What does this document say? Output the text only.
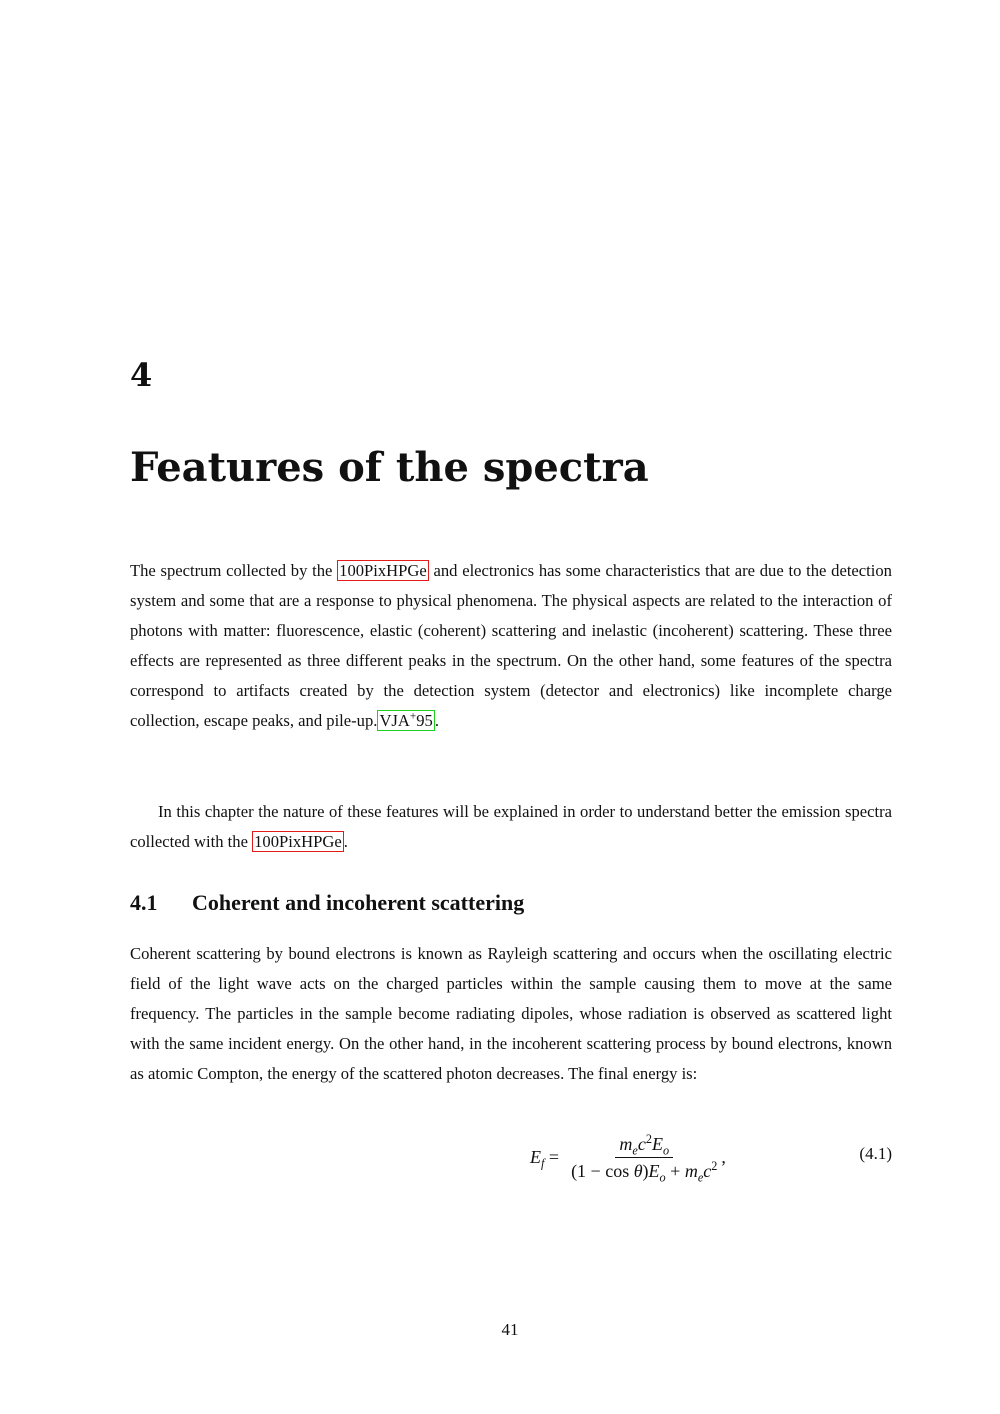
4
Features of the spectra

The spectrum collected by the 100PixHPGe and electronics has some characteristics that are due to the detection system and some that are a response to physical phenomena. The physical aspects are related to the interaction of photons with matter: fluorescence, elastic (coherent) scattering and inelastic (incoherent) scattering. These three effects are represented as three different peaks in the spectrum. On the other hand, some features of the spectra correspond to artifacts created by the detection system (detector and electronics) like incomplete charge collection, escape peaks, and pile-up. VJA+95 .

In this chapter the nature of these features will be explained in order to understand better the emission spectra collected with the 100PixHPGe .

4.1 Coherent and incoherent scattering

Coherent scattering by bound electrons is known as Rayleigh scattering and occurs when the oscillating electric field of the light wave acts on the charged particles within the sample causing them to move at the same frequency. The particles in the sample become radiating dipoles, whose radiation is observed as scattered light with the same incident energy. On the other hand, in the incoherent scattering process by bound electrons, known as atomic Compton, the energy of the scattered photon decreases. The final energy is:

$E_f = \frac{m_ec^2E_o}{(1 - \cos \theta)E_o + m_ec^2}$ ,	(4.1)
41
